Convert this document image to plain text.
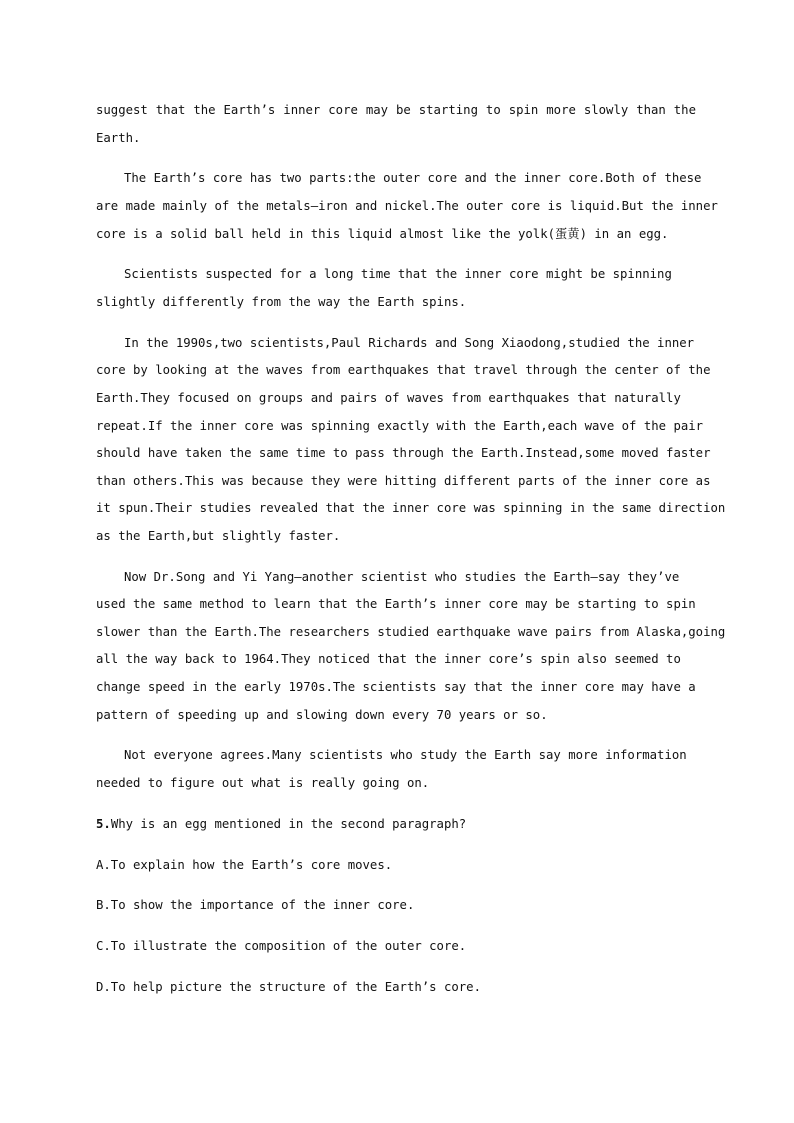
suggest that the Earth’s inner core may be starting to spin more slowly than the
Earth.
The Earth’s core has two parts:the outer core and the inner core.Both of these
are made mainly of the metals—iron and nickel.The outer core is liquid.But the inner
core is a solid ball held in this liquid almost like the yolk(蛋黄) in an egg.
Scientists suspected for a long time that the inner core might be spinning
slightly differently from the way the Earth spins.
In the 1990s,two scientists,Paul Richards and Song Xiaodong,studied the inner
core by looking at the waves from earthquakes that travel through the center of the
Earth.They focused on groups and pairs of waves from earthquakes that naturally
repeat.If the inner core was spinning exactly with the Earth,each wave of the pair
should have taken the same time to pass through the Earth.Instead,some moved faster
than others.This was because they were hitting different parts of the inner core as
it spun.Their studies revealed that the inner core was spinning in the same direction
as the Earth,but slightly faster.
Now Dr.Song and Yi Yang—another scientist who studies the Earth—say they’ve
used the same method to learn that the Earth’s inner core may be starting to spin
slower than the Earth.The researchers studied earthquake wave pairs from Alaska,going
all the way back to 1964.They noticed that the inner core’s spin also seemed to
change speed in the early 1970s.The scientists say that the inner core may have a
pattern of speeding up and slowing down every 70 years or so.
Not everyone agrees.Many scientists who study the Earth say more information
needed to figure out what is really going on.
5.Why is an egg mentioned in the second paragraph?
A.To explain how the Earth’s core moves.
B.To show the importance of the inner core.
C.To illustrate the composition of the outer core.
D.To help picture the structure of the Earth’s core.
